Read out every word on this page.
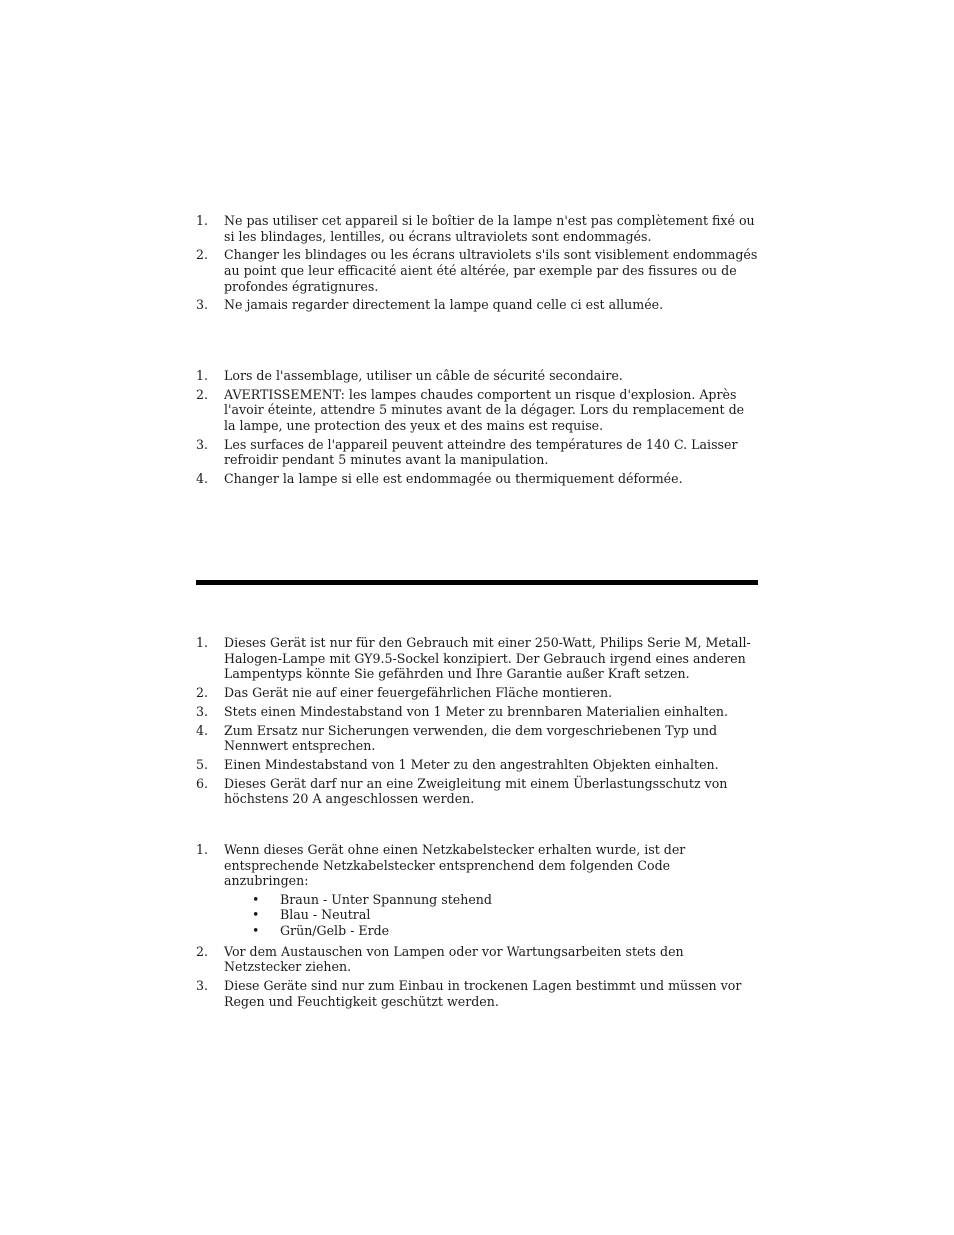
1. Ne pas utiliser cet appareil si le boîtier de la lampe n'est pas complètement fixé ou si les blindages, lentilles, ou écrans ultraviolets sont endommagés.
2. Changer les blindages ou les écrans ultraviolets s'ils sont visiblement endommagés au point que leur efficacité aient été altérée, par exemple par des fissures ou de profondes égratignures.
3. Ne jamais regarder directement la lampe quand celle ci est allumée.
1. Lors de l'assemblage, utiliser un câble de sécurité secondaire.
2. AVERTISSEMENT: les lampes chaudes comportent un risque d'explosion. Après l'avoir éteinte, attendre 5 minutes avant de la dégager. Lors du remplacement de la lampe, une protection des yeux et des mains est requise.
3. Les surfaces de l'appareil peuvent atteindre des températures de 140 C. Laisser refroidir pendant 5 minutes avant la manipulation.
4. Changer la lampe si elle est endommagée ou thermiquement déformée.
1. Dieses Gerät ist nur für den Gebrauch mit einer 250-Watt, Philips Serie M, Metall-Halogen-Lampe mit GY9.5-Sockel konzipiert. Der Gebrauch irgend eines anderen Lampentyps könnte Sie gefährden und Ihre Garantie außer Kraft setzen.
2. Das Gerät nie auf einer feuergefährlichen Fläche montieren.
3. Stets einen Mindestabstand von 1 Meter zu brennbaren Materialien einhalten.
4. Zum Ersatz nur Sicherungen verwenden, die dem vorgeschriebenen Typ und Nennwert entsprechen.
5. Einen Mindestabstand von 1 Meter zu den angestrahlten Objekten einhalten.
6. Dieses Gerät darf nur an eine Zweigleitung mit einem Überlastungsschutz von höchstens 20 A angeschlossen werden.
1. Wenn dieses Gerät ohne einen Netzkabelstecker erhalten wurde, ist der entsprechende Netzkabelstecker entsprenchend dem folgenden Code anzubringen:
• Braun - Unter Spannung stehend
• Blau - Neutral
• Grün/Gelb - Erde
2. Vor dem Austauschen von Lampen oder vor Wartungsarbeiten stets den Netzstecker ziehen.
3. Diese Geräte sind nur zum Einbau in trockenen Lagen bestimmt und müssen vor Regen und Feuchtigkeit geschützt werden.
